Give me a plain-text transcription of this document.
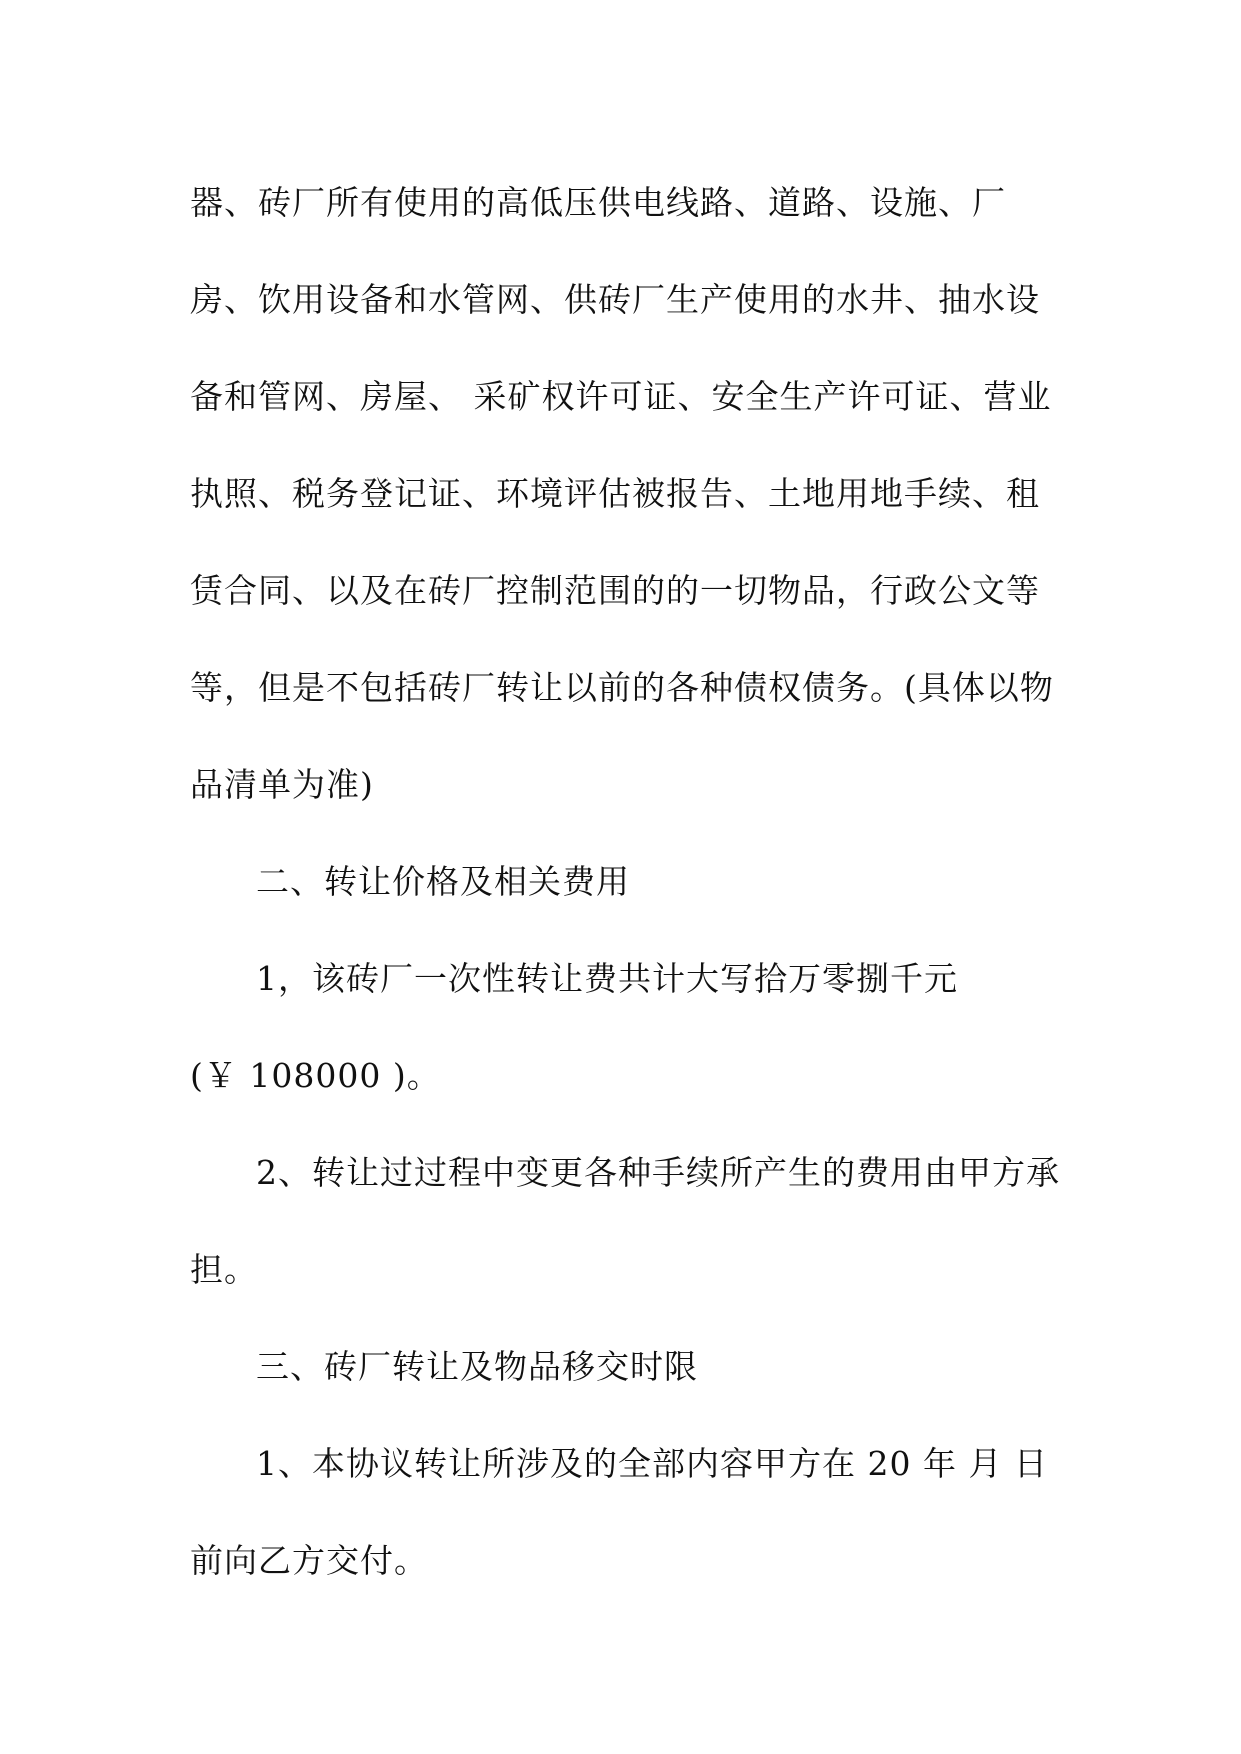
器、砖厂所有使用的高低压供电线路、道路、设施、厂
房、饮用设备和水管网、供砖厂生产使用的水井、抽水设
备和管网、房屋、 采矿权许可证、安全生产许可证、营业
执照、税务登记证、环境评估被报告、土地用地手续、租
赁合同、以及在砖厂控制范围的的一切物品，行政公文等
等，但是不包括砖厂转让以前的各种债权债务。(具体以物
品清单为准)
二、转让价格及相关费用
1，该砖厂一次性转让费共计大写拾万零捌千元
(￥ 108000 )。
2、转让过过程中变更各种手续所产生的费用由甲方承
担。
三、砖厂转让及物品移交时限
1、本协议转让所涉及的全部内容甲方在 20 年 月 日
前向乙方交付。
